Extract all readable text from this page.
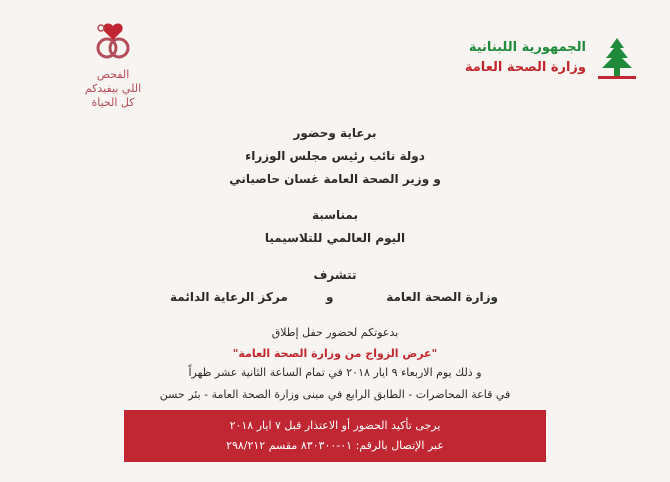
الفحص
اللي بيفيدكم
كل الحياة
الجمهورية اللبنانية
وزارة الصحة العامة
برعاية وحضور
دولة نائب رئيس مجلس الوزراء
و وزير الصحة العامة غسان حاصباني
بمناسبة
اليوم العالمي للتلاسيميا
تتشرف
وزارة الصحة العامة
و
مركز الرعاية الدائمة
بدعوتكم لحضور حفل إطلاق
"عرض الزواج من وزارة الصحة العامة"
و ذلك يوم الاربعاء ٩ ايار ٢٠١٨ في تمام الساعة الثانية عشر ظهراً
في قاعة المحاضرات - الطابق الرابع في مبنى وزارة الصحة العامة - بئر حسن
يرجى تأكيد الحضور أو الاعتذار قبل ٧ ايار ٢٠١٨
عبر الإتصال بالرقم: ٠١-٨٣٠٣٠٠ مقسم ٢٩٨/٢١٢
